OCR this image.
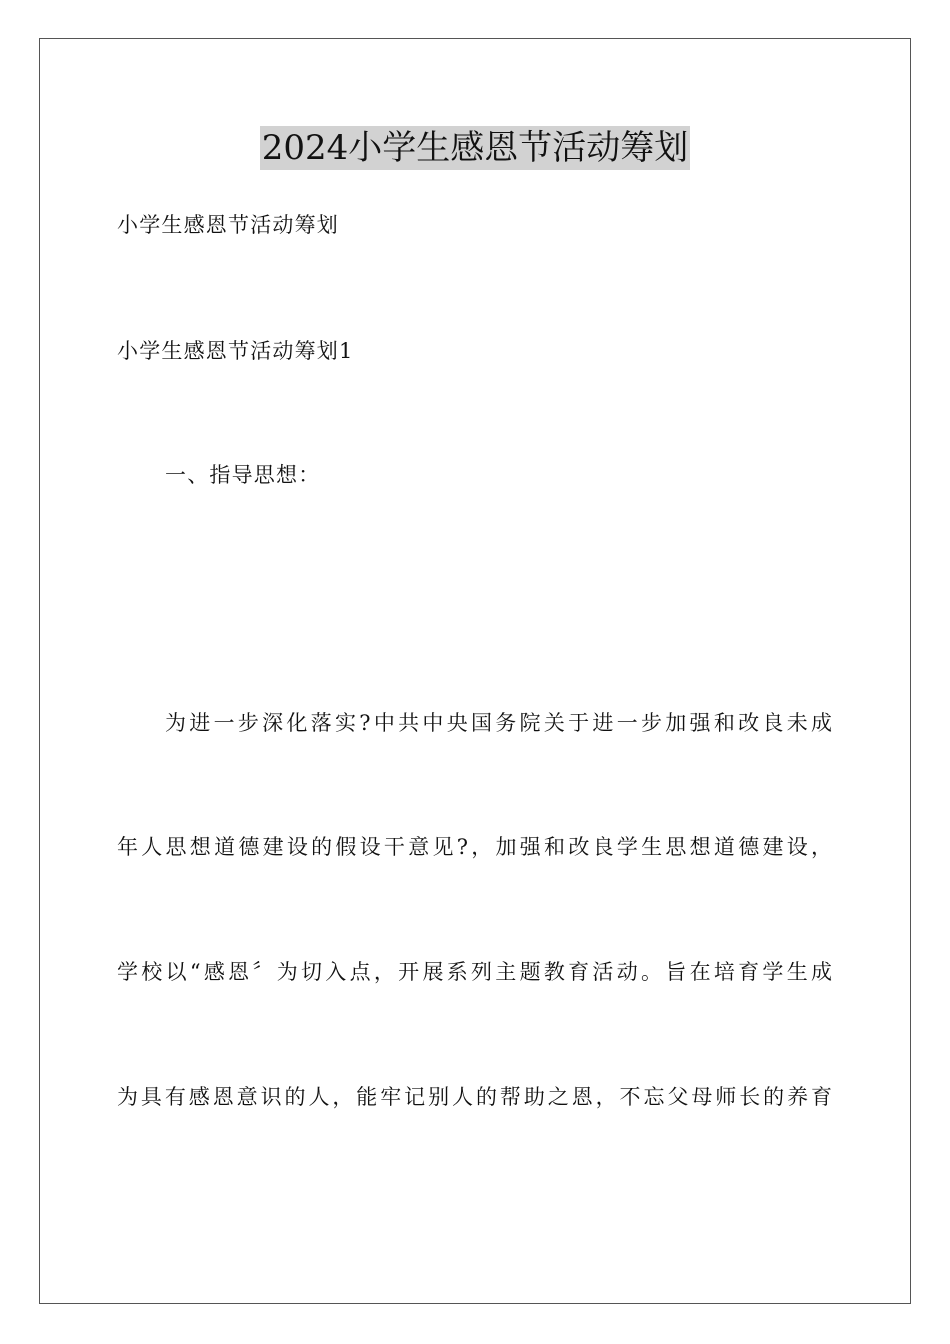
2024小学生感恩节活动筹划
小学生感恩节活动筹划
小学生感恩节活动筹划1
一、指导思想：
为进一步深化落实?中共中央国务院关于进一步加强和改良未成
年人思想道德建设的假设干意见?，加强和改良学生思想道德建设，
学校以“感恩〞为切入点，开展系列主题教育活动。旨在培育学生成
为具有感恩意识的人，能牢记别人的帮助之恩，不忘父母师长的养育
